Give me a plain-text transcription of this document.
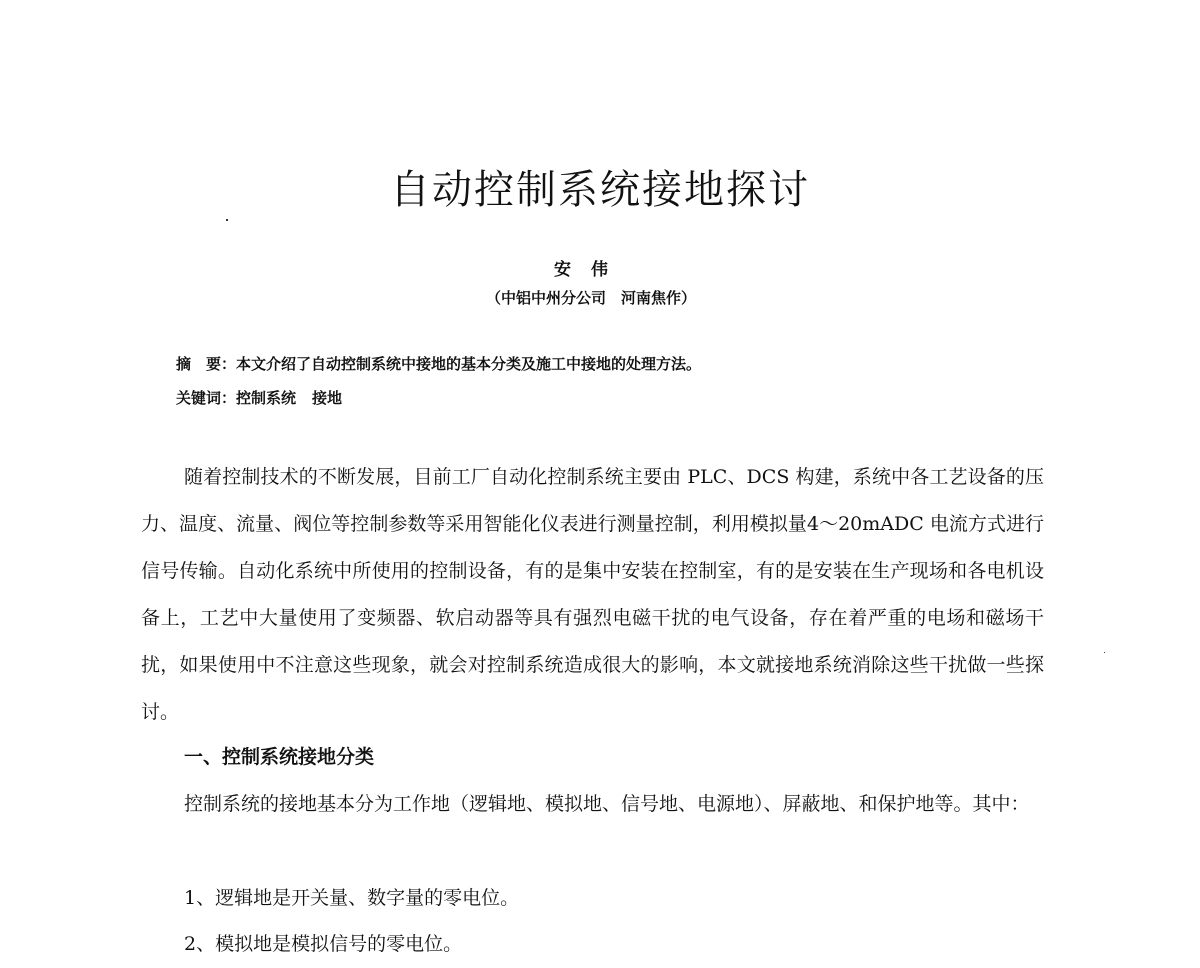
自动控制系统接地探讨
安伟
（中铝中州分公司　河南焦作）
摘　要：本文介绍了自动控制系统中接地的基本分类及施工中接地的处理方法。
关键词：控制系统 接地

随着控制技术的不断发展，目前工厂自动化控制系统主要由 PLC、DCS 构建，系统中各工艺设备的压力、温度、流量、阀位等控制参数等采用智能化仪表进行测量控制，利用模拟量4～20mADC 电流方式进行信号传输。自动化系统中所使用的控制设备，有的是集中安装在控制室，有的是安装在生产现场和各电机设备上，工艺中大量使用了变频器、软启动器等具有强烈电磁干扰的电气设备，存在着严重的电场和磁场干扰，如果使用中不注意这些现象，就会对控制系统造成很大的影响，本文就接地系统消除这些干扰做一些探讨。

一、控制系统接地分类

控制系统的接地基本分为工作地（逻辑地、模拟地、信号地、电源地）、屏蔽地、和保护地等。其中：

1、逻辑地是开关量、数字量的零电位。

2、模拟地是模拟信号的零电位。
